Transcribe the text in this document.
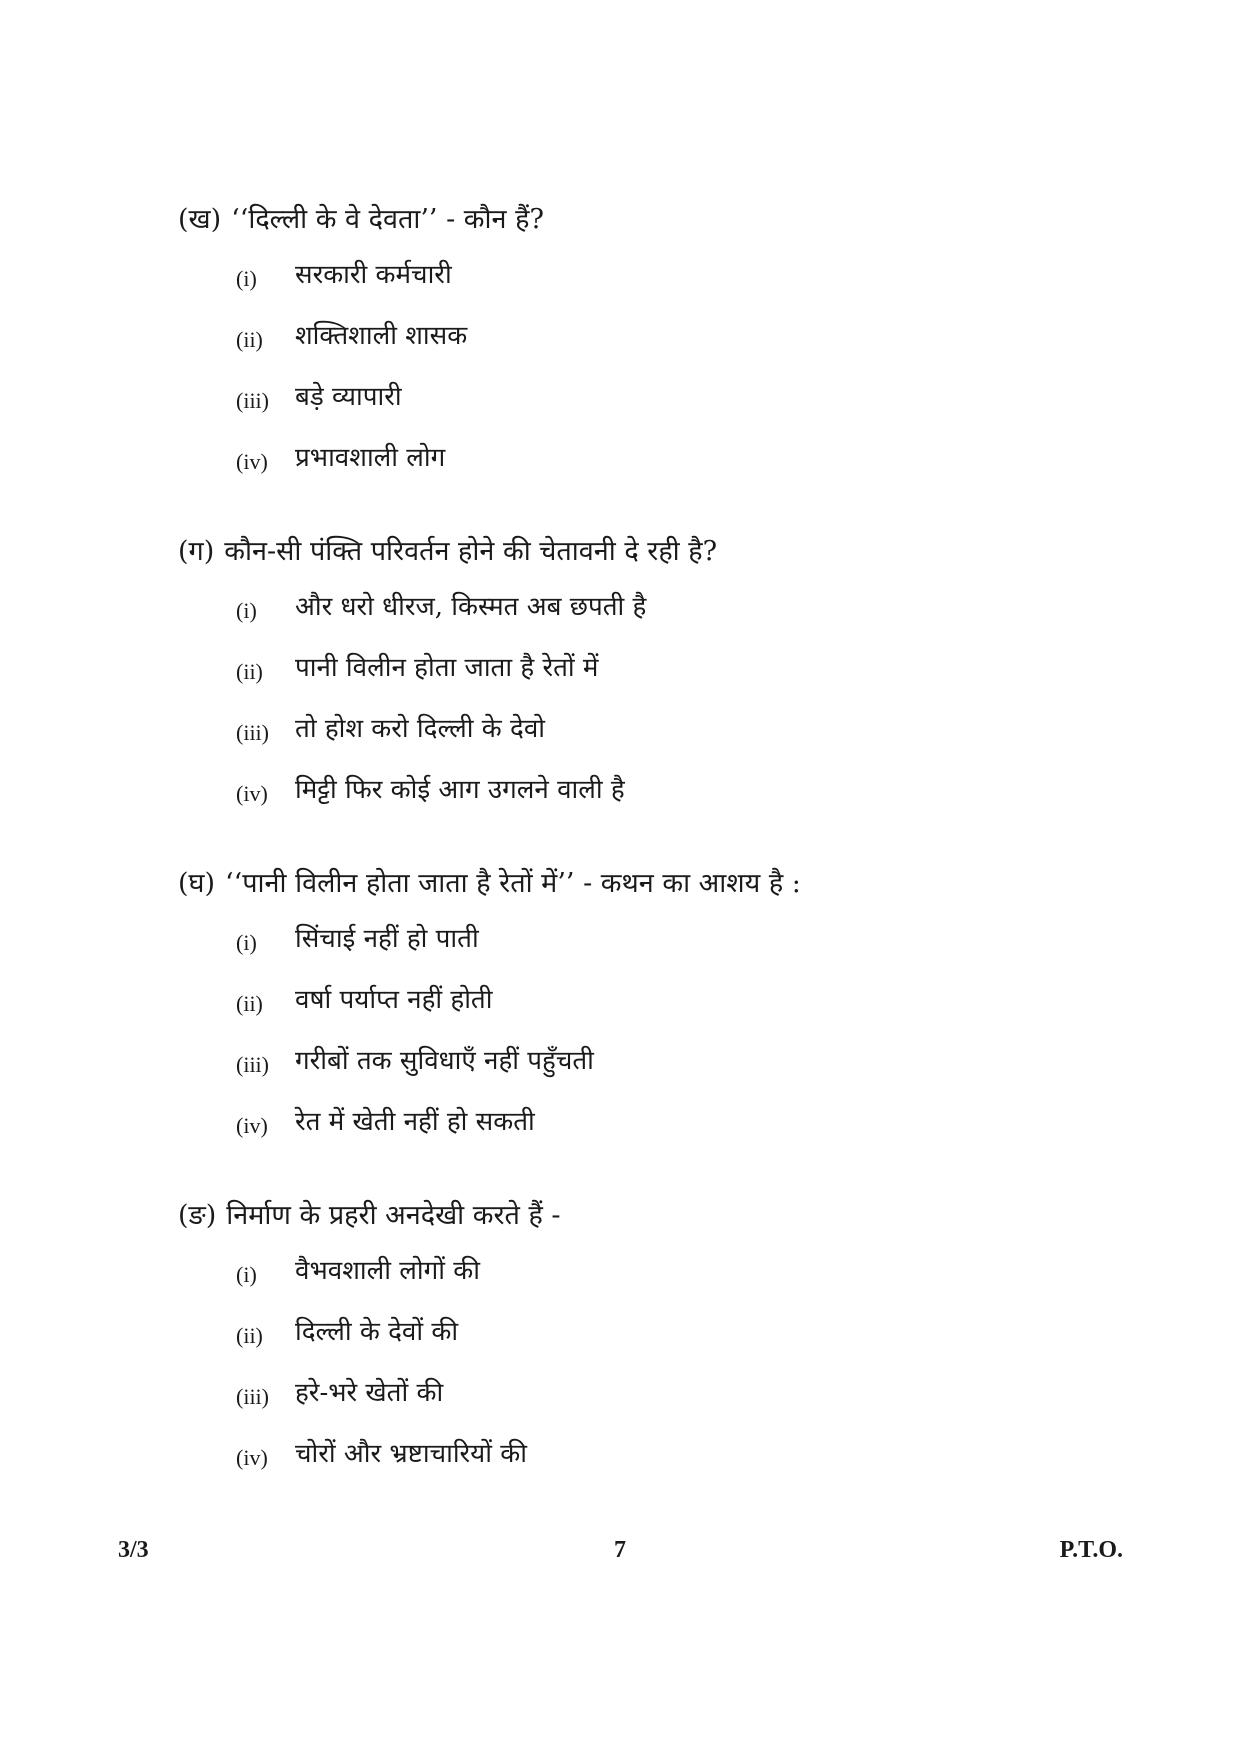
(ख) ‘‘दिल्ली के वे देवता’’ - कौन हैं?
(i) सरकारी कर्मचारी
(ii) शक्तिशाली शासक
(iii) बड़े व्यापारी
(iv) प्रभावशाली लोग
(ग) कौन-सी पंक्ति परिवर्तन होने की चेतावनी दे रही है?
(i) और धरो धीरज, किस्मत अब छपती है
(ii) पानी विलीन होता जाता है रेतों में
(iii) तो होश करो दिल्ली के देवो
(iv) मिट्टी फिर कोई आग उगलने वाली है
(घ) ‘‘पानी विलीन होता जाता है रेतों में’’ - कथन का आशय है :
(i) सिंचाई नहीं हो पाती
(ii) वर्षा पर्याप्त नहीं होती
(iii) गरीबों तक सुविधाएँ नहीं पहुँचती
(iv) रेत में खेती नहीं हो सकती
(ङ) निर्माण के प्रहरी अनदेखी करते हैं -
(i) वैभवशाली लोगों की
(ii) दिल्ली के देवों की
(iii) हरे-भरे खेतों की
(iv) चोरों और भ्रष्टाचारियों की
3/3	7	P.T.O.
